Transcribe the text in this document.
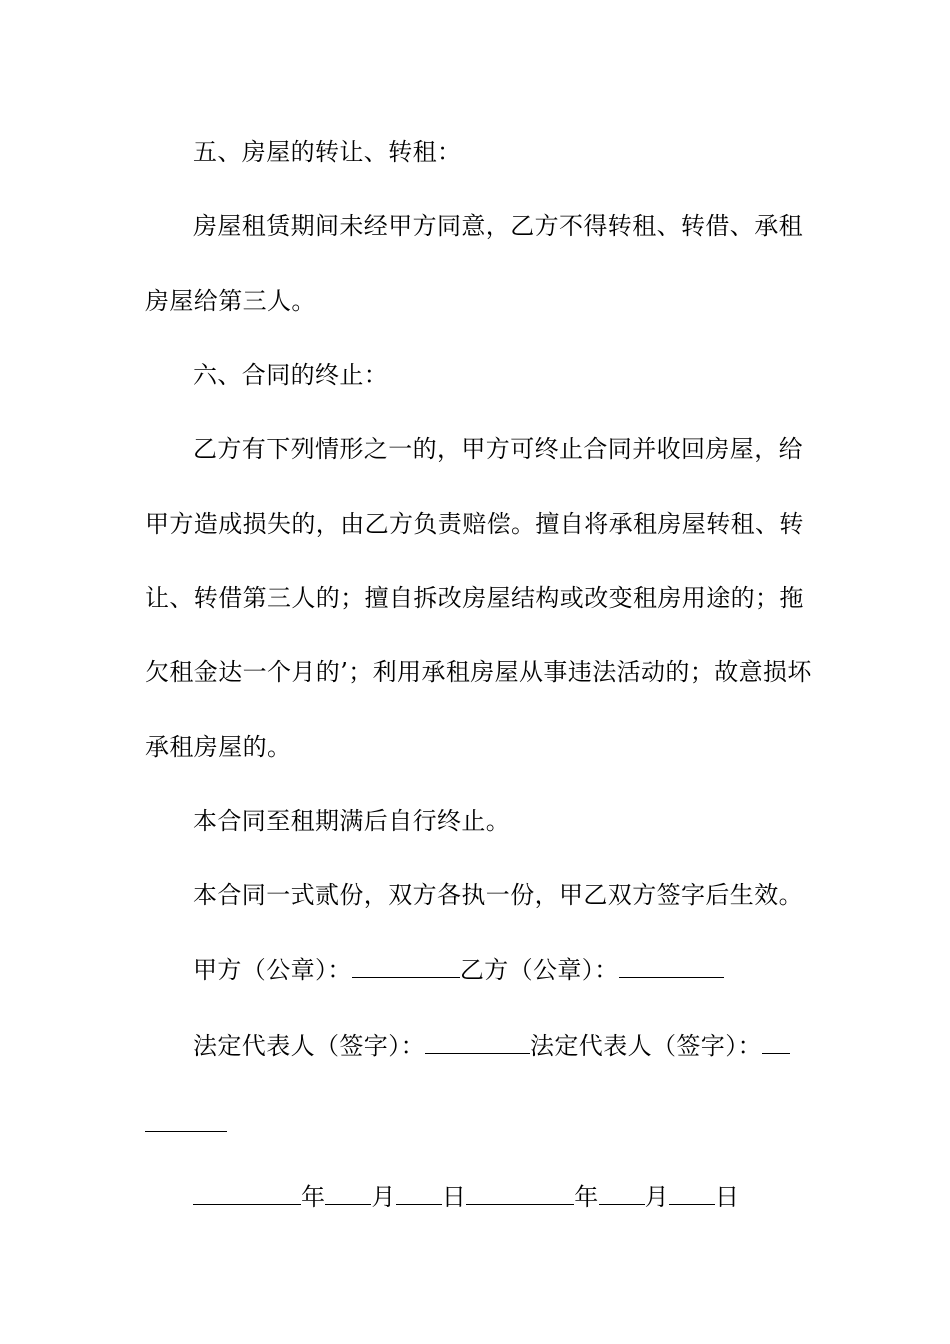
五、房屋的转让、转租：
房屋租赁期间未经甲方同意，乙方不得转租、转借、承租
房屋给第三人。
六、合同的终止：
乙方有下列情形之一的，甲方可终止合同并收回房屋，给
甲方造成损失的，由乙方负责赔偿。擅自将承租房屋转租、转
让、转借第三人的；擅自拆改房屋结构或改变租房用途的；拖
欠租金达一个月的’；利用承租房屋从事违法活动的；故意损坏
承租房屋的。
本合同至租期满后自行终止。
本合同一式贰份，双方各执一份，甲乙双方签字后生效。
甲方（公章）：	乙方（公章）：
法定代表人（签字）：	法定代表人（签字）：
年 月 日	年 月 日
